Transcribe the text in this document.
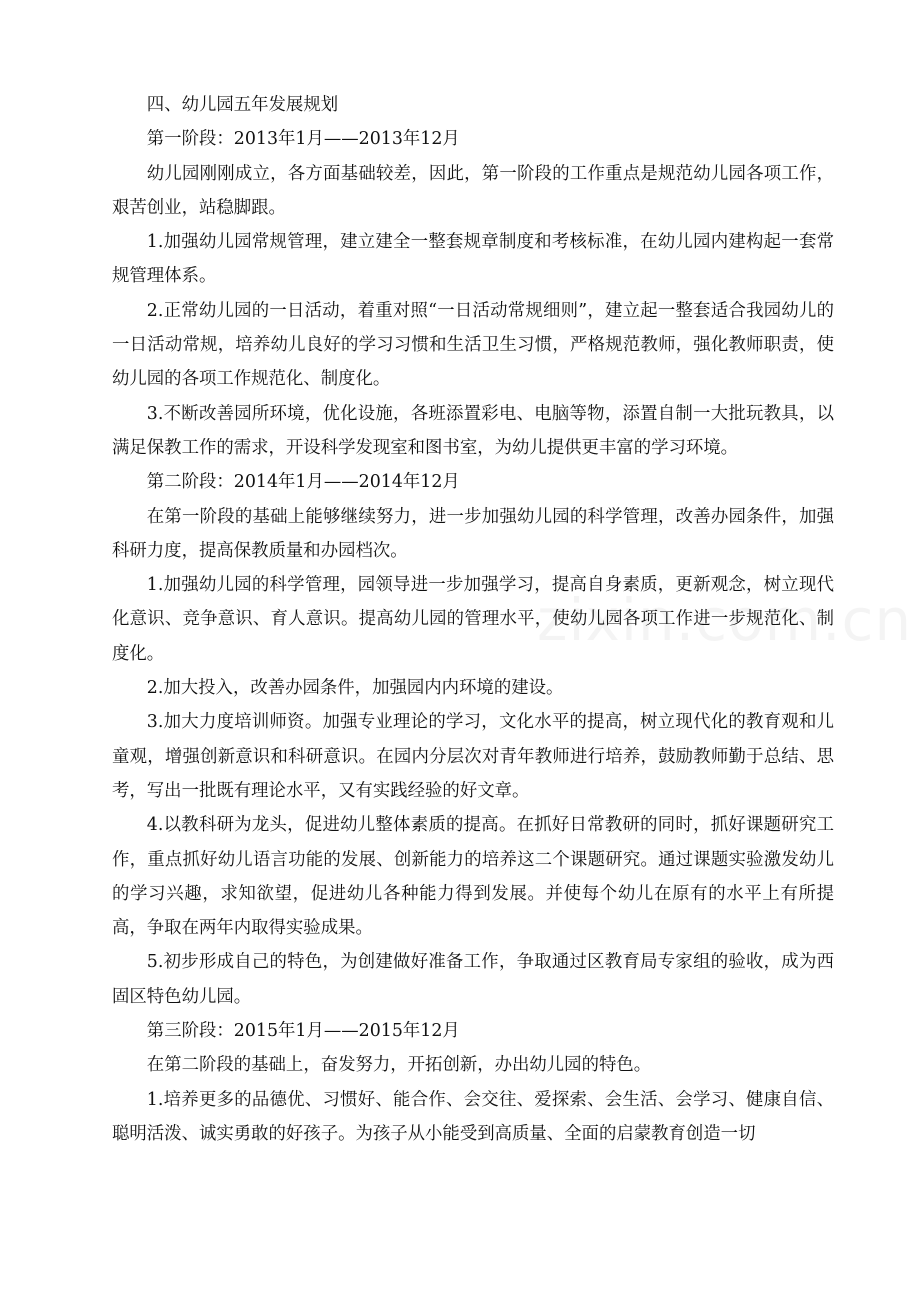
四、幼儿园五年发展规划

第一阶段：2013年1月——2013年12月

幼儿园刚刚成立，各方面基础较差，因此，第一阶段的工作重点是规范幼儿园各项工作，艰苦创业，站稳脚跟。

1.加强幼儿园常规管理，建立建全一整套规章制度和考核标准，在幼儿园内建构起一套常规管理体系。

2.正常幼儿园的一日活动，着重对照“一日活动常规细则”，建立起一整套适合我园幼儿的一日活动常规，培养幼儿良好的学习习惯和生活卫生习惯，严格规范教师，强化教师职责，使幼儿园的各项工作规范化、制度化。

3.不断改善园所环境，优化设施，各班添置彩电、电脑等物，添置自制一大批玩教具，以满足保教工作的需求，开设科学发现室和图书室，为幼儿提供更丰富的学习环境。

第二阶段：2014年1月——2014年12月

在第一阶段的基础上能够继续努力，进一步加强幼儿园的科学管理，改善办园条件，加强科研力度，提高保教质量和办园档次。

1.加强幼儿园的科学管理，园领导进一步加强学习，提高自身素质，更新观念，树立现代化意识、竞争意识、育人意识。提高幼儿园的管理水平，使幼儿园各项工作进一步规范化、制度化。

2.加大投入，改善办园条件，加强园内内环境的建设。

3.加大力度培训师资。加强专业理论的学习，文化水平的提高，树立现代化的教育观和儿童观，增强创新意识和科研意识。在园内分层次对青年教师进行培养，鼓励教师勤于总结、思考，写出一批既有理论水平，又有实践经验的好文章。

4.以教科研为龙头，促进幼儿整体素质的提高。在抓好日常教研的同时，抓好课题研究工作，重点抓好幼儿语言功能的发展、创新能力的培养这二个课题研究。通过课题实验激发幼儿的学习兴趣，求知欲望，促进幼儿各种能力得到发展。并使每个幼儿在原有的水平上有所提高，争取在两年内取得实验成果。

5.初步形成自己的特色，为创建做好准备工作，争取通过区教育局专家组的验收，成为西固区特色幼儿园。

第三阶段：2015年1月——2015年12月

在第二阶段的基础上，奋发努力，开拓创新，办出幼儿园的特色。

1.培养更多的品德优、习惯好、能合作、会交往、爱探索、会生活、会学习、健康自信、聪明活泼、诚实勇敢的好孩子。为孩子从小能受到高质量、全面的启蒙教育创造一切
